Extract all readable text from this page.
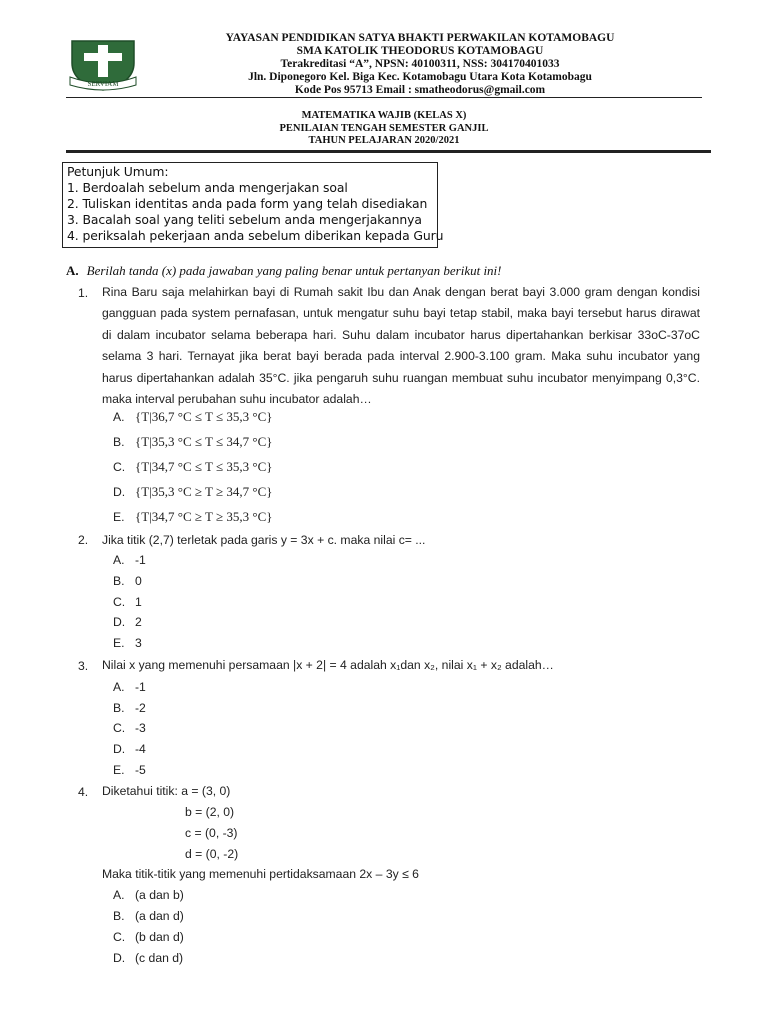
SERVIAM
YAYASAN PENDIDIKAN SATYA BHAKTI PERWAKILAN KOTAMOBAGU
SMA KATOLIK THEODORUS KOTAMOBAGU
Terakreditasi “A”, NPSN: 40100311, NSS: 304170401033
Jln. Diponegoro Kel. Biga Kec. Kotamobagu Utara Kota Kotamobagu
Kode Pos 95713 Email : smatheodorus@gmail.com
MATEMATIKA WAJIB (KELAS X)
PENILAIAN TENGAH SEMESTER GANJIL
TAHUN PELAJARAN 2020/2021
Petunjuk Umum:
1. Berdoalah sebelum anda mengerjakan soal
2. Tuliskan identitas anda pada form yang telah disediakan
3. Bacalah soal yang teliti sebelum anda mengerjakannya
4. periksalah pekerjaan anda sebelum diberikan kepada Guru
A. Berilah tanda (x) pada jawaban yang paling benar untuk pertanyan berikut ini!
1. Rina Baru saja melahirkan bayi di Rumah sakit Ibu dan Anak dengan berat bayi 3.000 gram dengan kondisi gangguan pada system pernafasan, untuk mengatur suhu bayi tetap stabil, maka bayi tersebut harus dirawat di dalam incubator selama beberapa hari. Suhu dalam incubator harus dipertahankan berkisar 33oC-37oC selama 3 hari. Ternayat jika berat bayi berada pada interval 2.900-3.100 gram. Maka suhu incubator yang harus dipertahankan adalah 35°C. jika pengaruh suhu ruangan membuat suhu incubator menyimpang 0,3°C. maka interval perubahan suhu incubator adalah…
A. {T|36,7 °C ≤ T ≤ 35,3 °C}
B. {T|35,3 °C ≤ T ≤ 34,7 °C}
C. {T|34,7 °C ≤ T ≤ 35,3 °C}
D. {T|35,3 °C ≥ T ≥ 34,7 °C}
E. {T|34,7 °C ≥ T ≥ 35,3 °C}
2. Jika titik (2,7) terletak pada garis y = 3x + c. maka nilai c= ...
A. -1
B. 0
C. 1
D. 2
E. 3
3. Nilai x yang memenuhi persamaan |x + 2| = 4 adalah x₁dan x₂, nilai x₁ + x₂ adalah…
A. -1
B. -2
C. -3
D. -4
E. -5
4. Diketahui titik: a = (3, 0)
b = (2, 0)
c = (0, -3)
d = (0, -2)
Maka titik-titik yang memenuhi pertidaksamaan 2x – 3y ≤ 6
A. (a dan b)
B. (a dan d)
C. (b dan d)
D. (c dan d)
